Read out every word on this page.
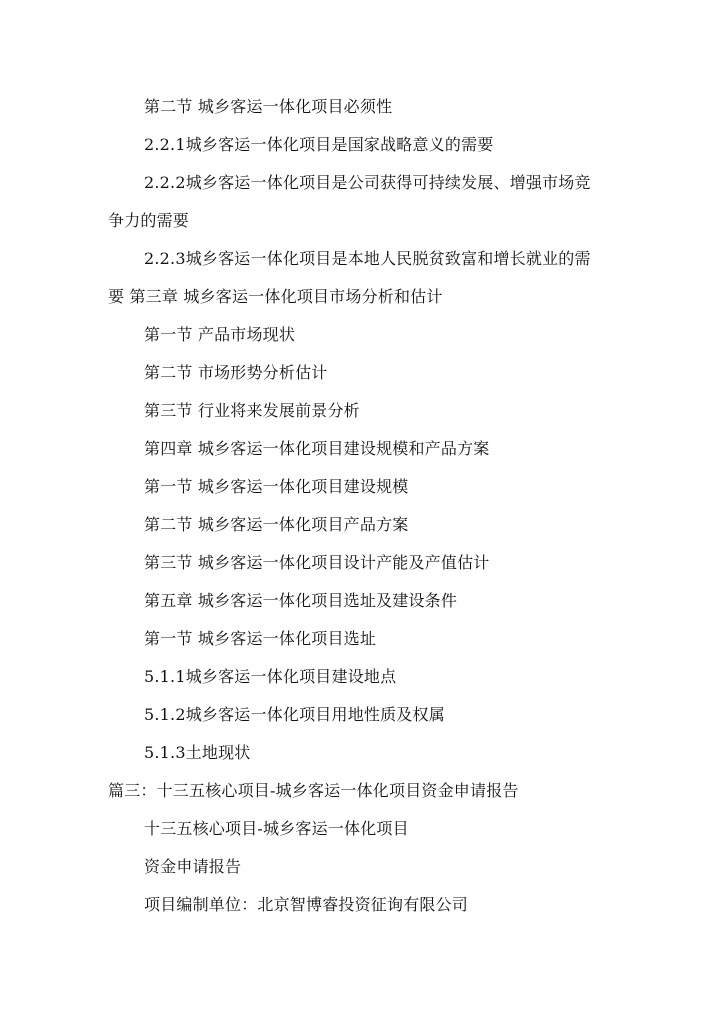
第二节 城乡客运一体化项目必须性
2.2.1城乡客运一体化项目是国家战略意义的需要
2.2.2城乡客运一体化项目是公司获得可持续发展、增强市场竞
争力的需要
2.2.3城乡客运一体化项目是本地人民脱贫致富和增长就业的需
要 第三章 城乡客运一体化项目市场分析和估计
第一节 产品市场现状
第二节 市场形势分析估计
第三节 行业将来发展前景分析
第四章 城乡客运一体化项目建设规模和产品方案
第一节 城乡客运一体化项目建设规模
第二节 城乡客运一体化项目产品方案
第三节 城乡客运一体化项目设计产能及产值估计
第五章 城乡客运一体化项目选址及建设条件
第一节 城乡客运一体化项目选址
5.1.1城乡客运一体化项目建设地点
5.1.2城乡客运一体化项目用地性质及权属
5.1.3土地现状
篇三：十三五核心项目-城乡客运一体化项目资金申请报告
十三五核心项目-城乡客运一体化项目
资金申请报告
项目编制单位：北京智博睿投资征询有限公司
